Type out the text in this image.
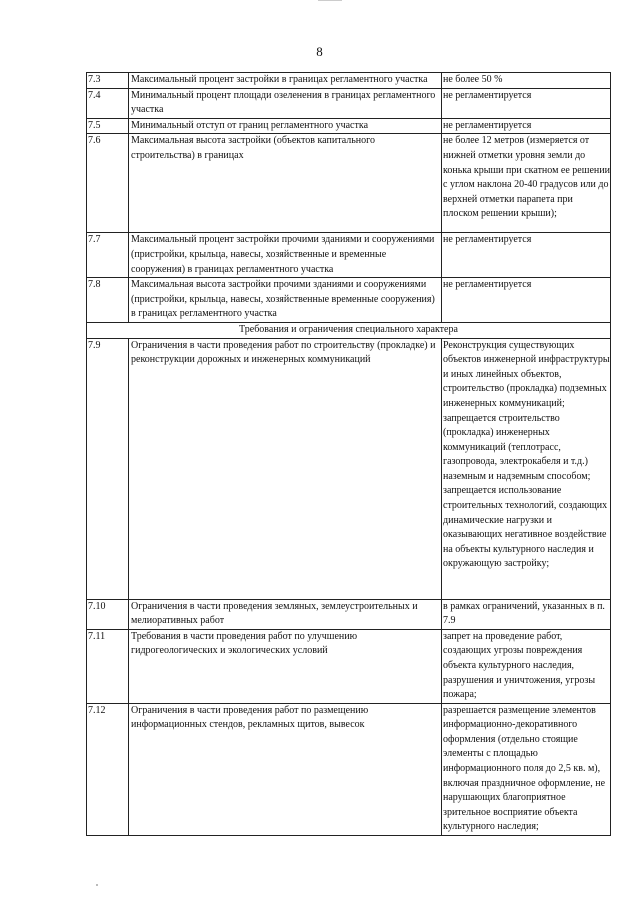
8
7.3	Максимальный процент застройки в границах регламентного участка	не более 50 %
7.4	Минимальный процент площади озеленения в границах регламентного участка	не регламентируется
7.5	Минимальный отступ от границ регламентного участка	не регламентируется
7.6	Максимальная высота застройки (объектов капитального строительства) в границах	не более 12 метров (измеряется от нижней отметки уровня земли до конька крыши при скатном ее решении с углом наклона 20-40 градусов или до верхней отметки парапета при плоском решении крыши);
7.7	Максимальный процент застройки прочими зданиями и сооружениями (пристройки, крыльца, навесы, хозяйственные и временные сооружения) в границах регламентного участка	не регламентируется
7.8	Максимальная высота застройки прочими зданиями и сооружениями (пристройки, крыльца, навесы, хозяйственные временные сооружения) в границах регламентного участка	не регламентируется
Требования и ограничения специального характера		
7.9	Ограничения в части проведения работ по строительству (прокладке) и реконструкции дорожных и инженерных коммуникаций	Реконструкция существующих объектов инженерной инфраструктуры и иных линейных объектов, строительство (прокладка) подземных инженерных коммуникаций; запрещается строительство (прокладка) инженерных коммуникаций (теплотрасс, газопровода, электрокабеля и т.д.) наземным и надземным способом; запрещается использование строительных технологий, создающих динамические нагрузки и оказывающих негативное воздействие на объекты культурного наследия и окружающую застройку;
7.10	Ограничения в части проведения земляных, землеустроительных и мелиоративных работ	в рамках ограничений, указанных в п. 7.9
7.11	Требования в части проведения работ по улучшению гидрогеологических и экологических условий	запрет на проведение работ, создающих угрозы повреждения объекта культурного наследия, разрушения и уничтожения, угрозы пожара;
7.12	Ограничения в части проведения работ по размещению информационных стендов, рекламных щитов, вывесок	разрешается размещение элементов информационно-декоративного оформления (отдельно стоящие элементы с площадью информационного поля до 2,5 кв. м), включая праздничное оформление, не нарушающих благоприятное зрительное восприятие объекта культурного наследия;
